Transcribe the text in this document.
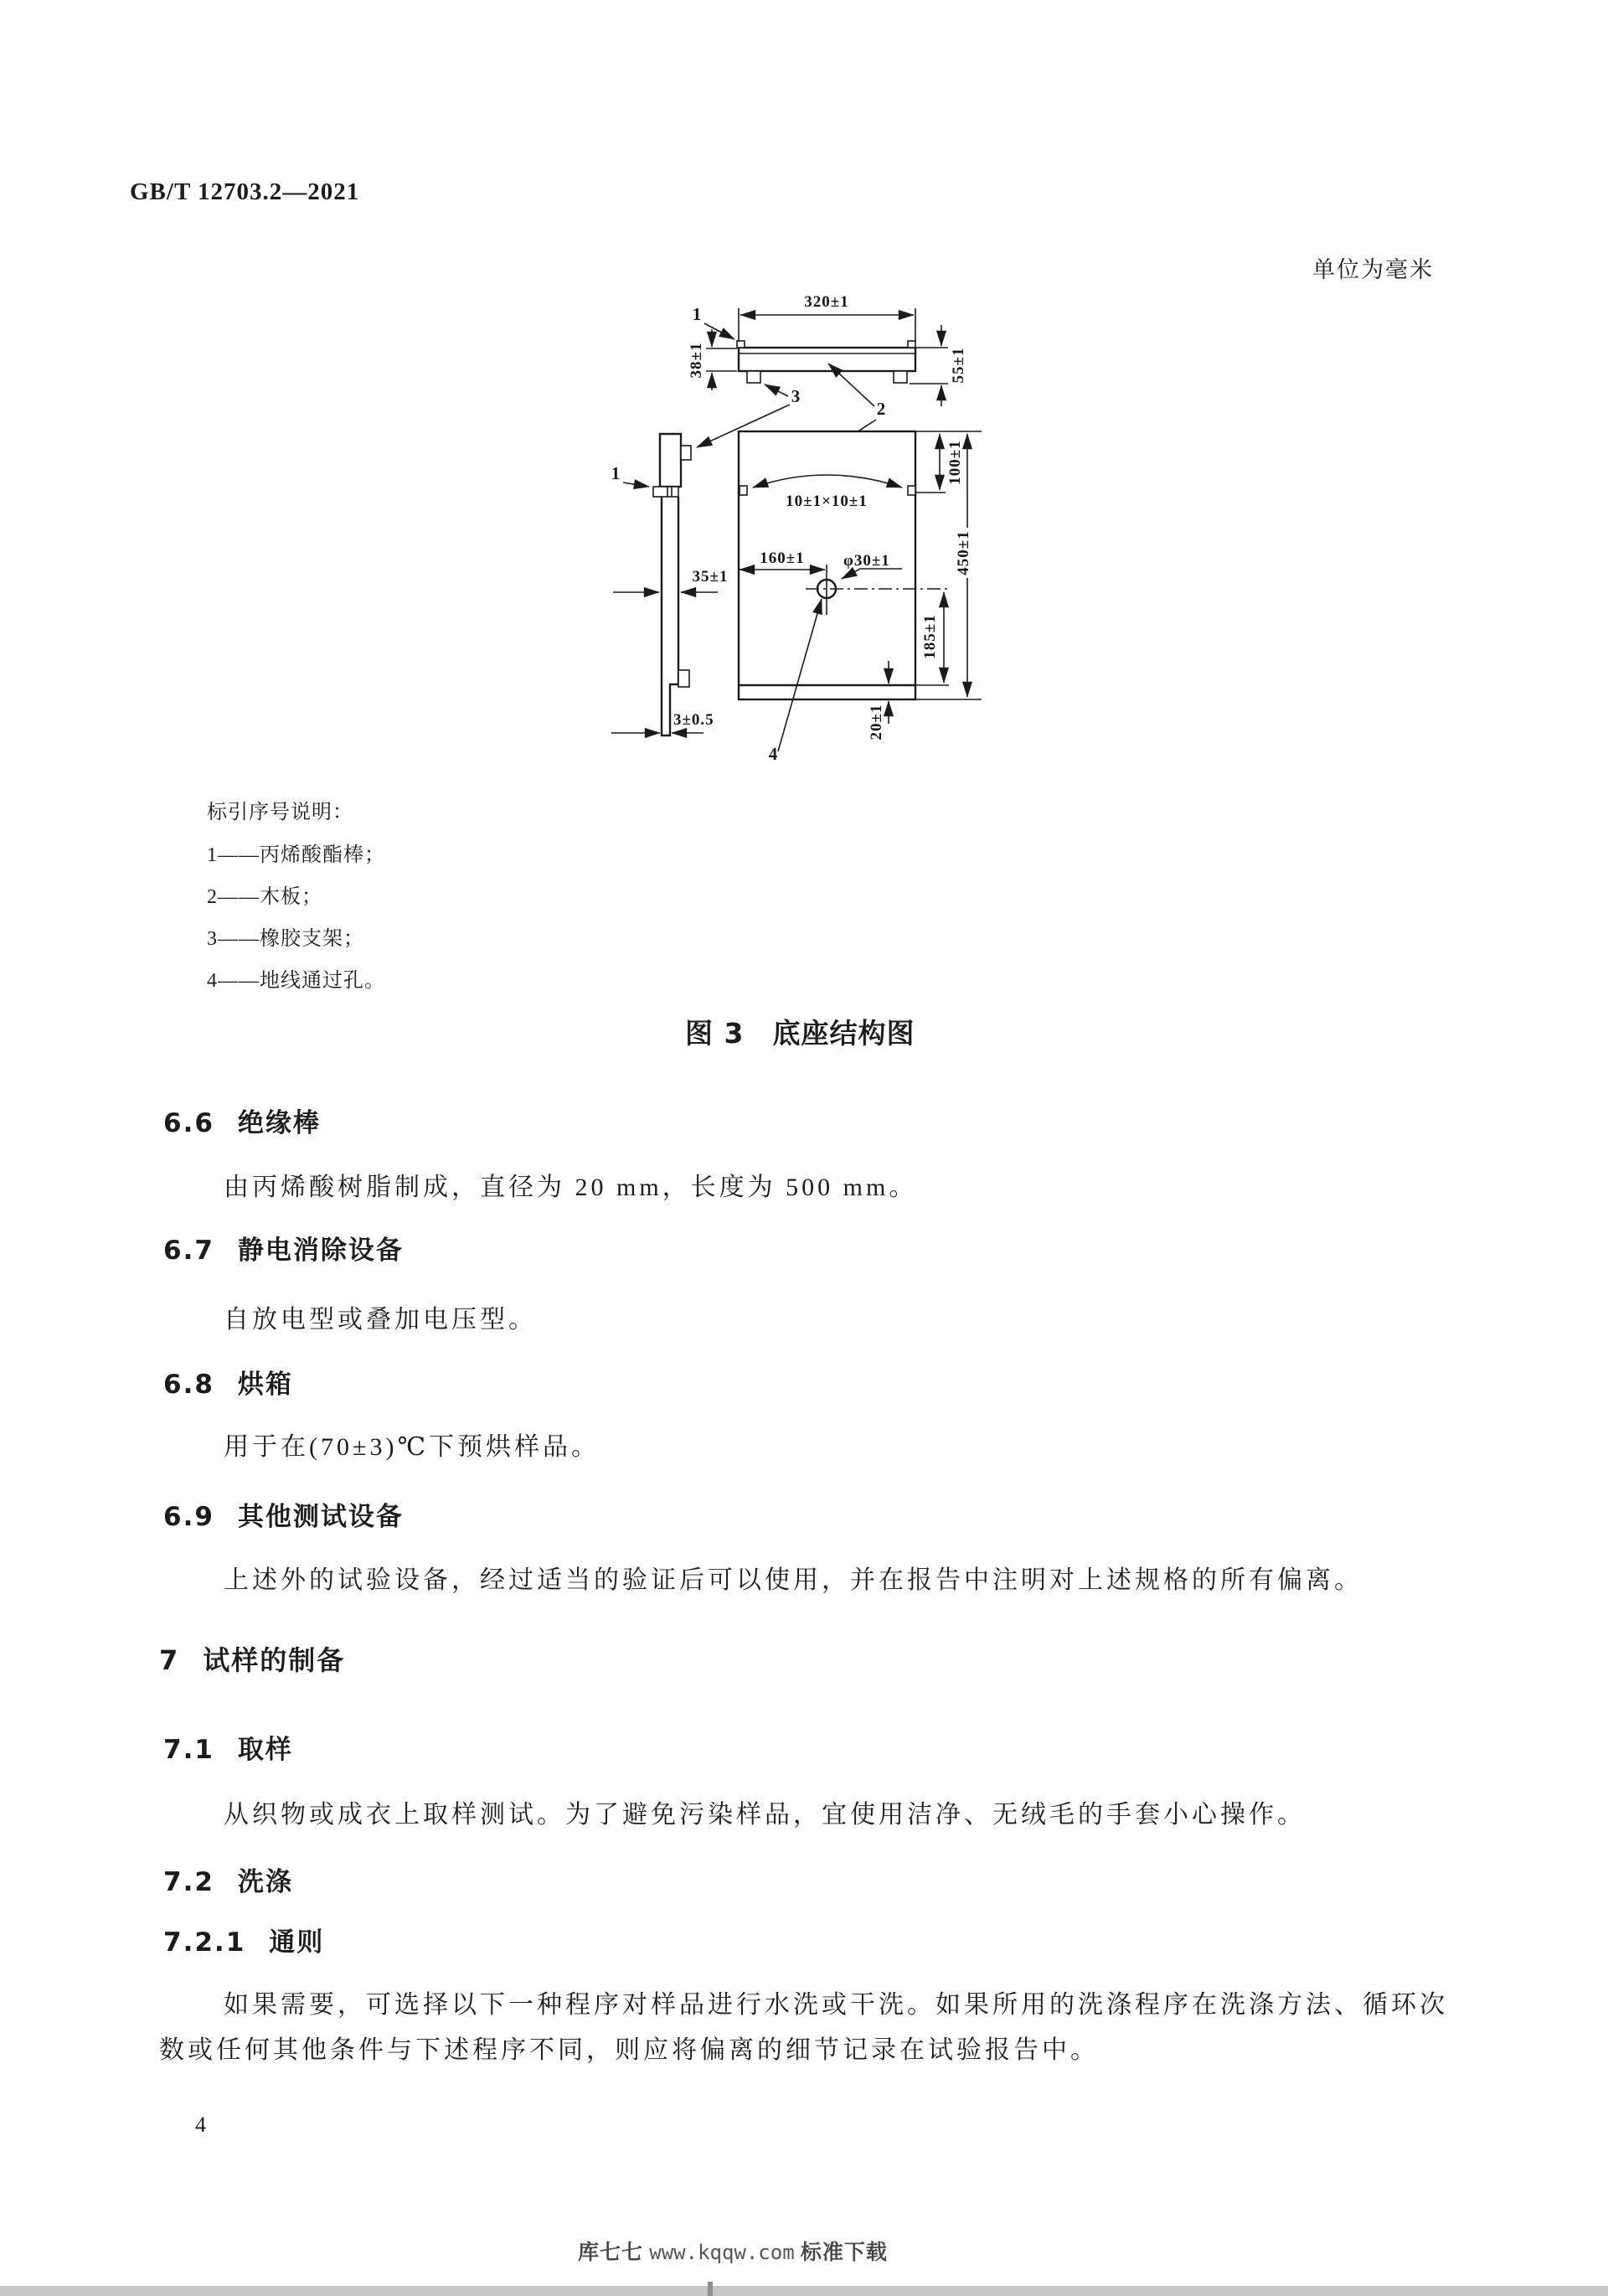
GB/T 12703.2—2021
单位为毫米
320±1
38±1	55±1
1
3
2
1
35±1
3±0.5
10±1×10±1
100±1
450±1
185±1
20±1
160±1 φ30±1
4
标引序号说明：
1——丙烯酸酯棒；
2——木板；
3——橡胶支架；
4——地线通过孔。
图 3　底座结构图
6.6 绝缘棒
由丙烯酸树脂制成，直径为 20 mm，长度为 500 mm。
6.7 静电消除设备
自放电型或叠加电压型。
6.8 烘箱
用于在(70±3)℃下预烘样品。
6.9 其他测试设备
上述外的试验设备，经过适当的验证后可以使用，并在报告中注明对上述规格的所有偏离。
7 试样的制备
7.1 取样
从织物或成衣上取样测试。为了避免污染样品，宜使用洁净、无绒毛的手套小心操作。
7.2 洗涤
7.2.1 通则
如果需要，可选择以下一种程序对样品进行水洗或干洗。如果所用的洗涤程序在洗涤方法、循环次
数或任何其他条件与下述程序不同，则应将偏离的细节记录在试验报告中。
4
库七七 www.kqqw.com 标准下载
